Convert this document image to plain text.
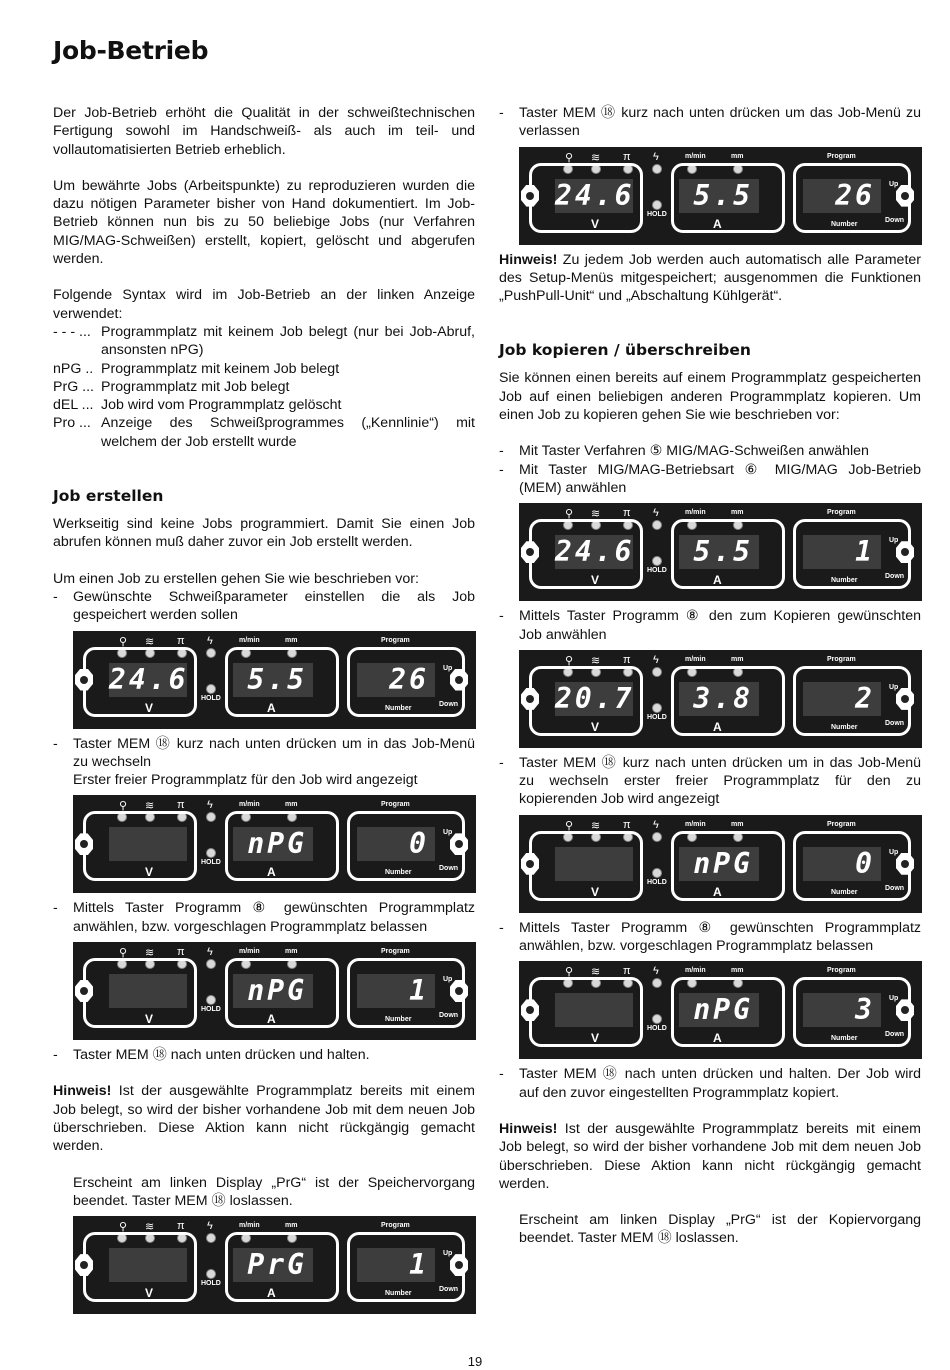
Job-Betrieb

Der Job-Betrieb erhöht die Qualität in der schweißtechnischen Fertigung sowohl im Handschweiß- als auch im teil- und vollautomatisierten Betrieb erheblich.

Um bewährte Jobs (Arbeitspunkte) zu reproduzieren wurden die dazu nötigen Parameter bisher von Hand dokumentiert. Im Job-Betrieb können nun bis zu 50 beliebige Jobs (nur Verfahren MIG/MAG-Schweißen) erstellt, kopiert, gelöscht und abgerufen werden.

Folgende Syntax wird im Job-Betrieb an der linken Anzeige verwendet:

- - - ... Programmplatz mit keinem Job belegt (nur bei Job-Abruf, ansonsten nPG)
nPG .. Programmplatz mit keinem Job belegt
PrG ... Programmplatz mit Job belegt
dEL ... Job wird vom Programmplatz gelöscht
Pro ... Anzeige des Schweißprogrammes („Kennlinie“) mit welchem der Job erstellt wurde
Job erstellen

Werkseitig sind keine Jobs programmiert. Damit Sie einen Job abrufen können muß daher zuvor ein Job erstellt werden.

Um einen Job zu erstellen gehen Sie wie beschrieben vor:

-	Gewünschte Schweißparameter einstellen die als Job gespeichert werden sollen
⚲ ≋ π ϟ	m/min	mm	Program
HOLD
24.6	5.5	26
V	A
Up
Down
Number
-	Taster MEM ⑱ kurz nach unten drücken um in das Job-Menü zu wechseln

Erster freier Programmplatz für den Job wird angezeigt

⚲ ≋ π ϟ	m/min	mm	Program
HOLD
nPG	0
V	A
Up
Down
Number
-	Mittels Taster Programm ⑧ gewünschten Programmplatz anwählen, bzw. vorgeschlagen Programmplatz belassen
⚲ ≋ π ϟ	m/min	mm	Program
HOLD
nPG	1
V	A
Up
Down
Number
-	Taster MEM ⑱ nach unten drücken und halten.

Hinweis! Ist der ausgewählte Programmplatz bereits mit einem Job belegt, so wird der bisher vorhandene Job mit dem neuen Job überschrieben. Diese Aktion kann nicht rückgängig gemacht werden.

Erscheint am linken Display „PrG“ ist der Speichervorgang beendet. Taster MEM ⑱ loslassen.

⚲ ≋ π ϟ	m/min	mm	Program
HOLD
PrG	1
V	A
Up
Down
Number
-	Taster MEM ⑱ kurz nach unten drücken um das Job-Menü zu verlassen
⚲ ≋ π ϟ	m/min	mm	Program
HOLD
24.6	5.5	26
V	A
Up
Down
Number

Hinweis! Zu jedem Job werden auch automatisch alle Parameter des Setup-Menüs mitgespeichert; ausgenommen die Funktionen „PushPull-Unit“ und „Abschaltung Kühlgerät“.

Job kopieren / überschreiben

Sie können einen bereits auf einem Programmplatz gespeicherten Job auf einen beliebigen anderen Programmplatz kopieren. Um einen Job zu kopieren gehen Sie wie beschrieben vor:

-	Mit Taster Verfahren ⑤ MIG/MAG-Schweißen anwählen
-	Mit Taster MIG/MAG-Betriebsart ⑥ MIG/MAG Job-Betrieb (MEM) anwählen
⚲ ≋ π ϟ	m/min	mm	Program
HOLD
24.6	5.5	1
V	A
Up
Down
Number
-	Mittels Taster Programm ⑧ den zum Kopieren gewünschten Job anwählen
⚲ ≋ π ϟ	m/min	mm	Program
HOLD
20.7	3.8	2
V	A
Up
Down
Number
-	Taster MEM ⑱ kurz nach unten drücken um in das Job-Menü zu wechseln erster freier Programmplatz für den zu kopierenden Job wird angezeigt
⚲ ≋ π ϟ	m/min	mm	Program
HOLD
nPG	0
V	A
Up
Down
Number
-	Mittels Taster Programm ⑧ gewünschten Programmplatz anwählen, bzw. vorgeschlagen Programmplatz belassen
⚲ ≋ π ϟ	m/min	mm	Program
HOLD
nPG	3
V	A
Up
Down
Number
-	Taster MEM ⑱ nach unten drücken und halten. Der Job wird auf den zuvor eingestellten Programmplatz kopiert.

Hinweis! Ist der ausgewählte Programmplatz bereits mit einem Job belegt, so wird der bisher vorhandene Job mit dem neuen Job überschrieben. Diese Aktion kann nicht rückgängig gemacht werden.

Erscheint am linken Display „PrG“ ist der Kopiervorgang beendet. Taster MEM ⑱ loslassen.

19
